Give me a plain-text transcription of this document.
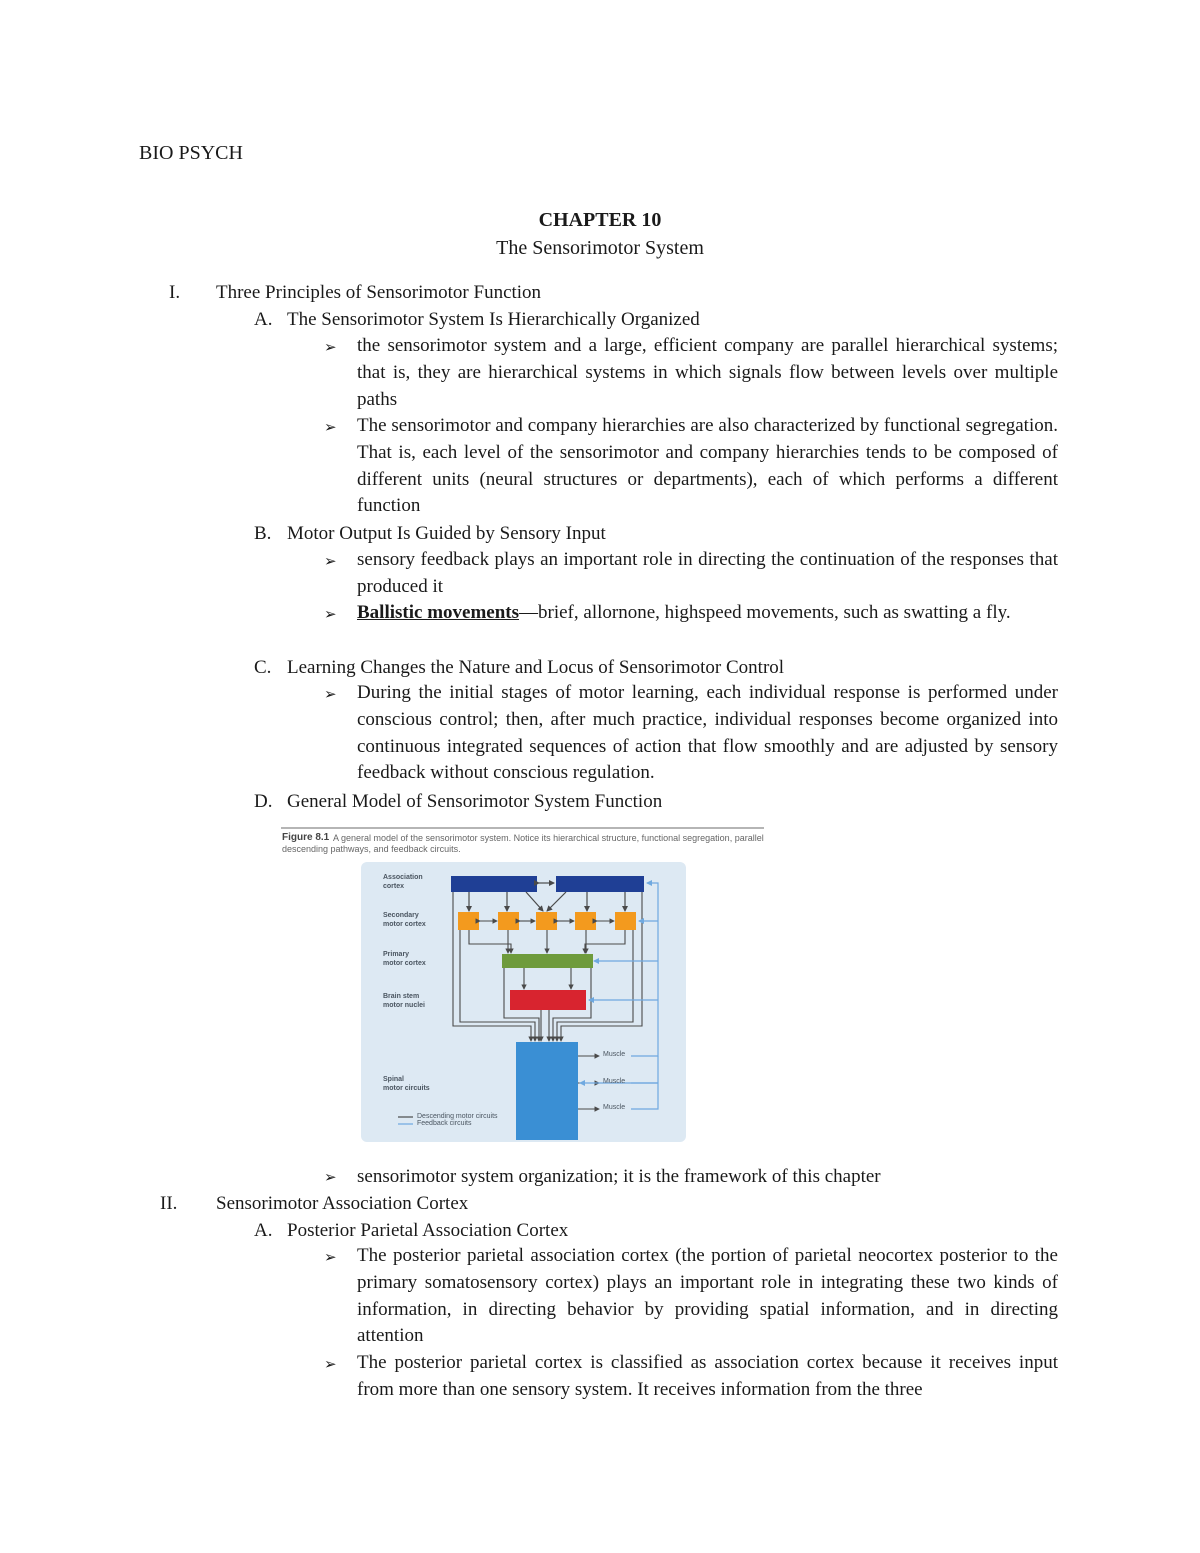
BIO PSYCH
CHAPTER 10
The Sensorimotor System
I. Three Principles of Sensorimotor Function
A. The Sensorimotor System Is Hierarchically Organized
➢ the sensorimotor system and a large, efficient company are parallel hierarchical systems; that is, they are hierarchical systems in which signals flow between levels over multiple paths
➢ The sensorimotor and company hierarchies are also characterized by functional segregation. That is, each level of the sensorimotor and company hierarchies tends to be composed of different units (neural structures or departments), each of which performs a different function
B. Motor Output Is Guided by Sensory Input
➢ sensory feedback plays an important role in directing the continuation of the responses that produced it
➢ Ballistic movements—brief, allornone, highspeed movements, such as swatting a fly.
C. Learning Changes the Nature and Locus of Sensorimotor Control
➢ During the initial stages of motor learning, each individual response is performed under conscious control; then, after much practice, individual responses become organized into continuous integrated sequences of action that flow smoothly and are adjusted by sensory feedback without conscious regulation.
D. General Model of Sensorimotor System Function
Figure 8.1 A general model of the sensorimotor system. Notice its hierarchical structure, functional segregation, parallel
descending pathways, and feedback circuits.
Association
cortex
Secondary
motor cortex
Primary
motor cortex
Brain stem
motor nuclei
Spinal
motor circuits
Muscle
Muscle
Muscle
Descending motor circuits
Feedback circuits
➢ sensorimotor system organization; it is the framework of this chapter
II. Sensorimotor Association Cortex
A. Posterior Parietal Association Cortex
➢ The posterior parietal association cortex (the portion of parietal neocortex posterior to the primary somatosensory cortex) plays an important role in integrating these two kinds of information, in directing behavior by providing spatial information, and in directing attention
➢ The posterior parietal cortex is classified as association cortex because it receives input from more than one sensory system. It receives information from the three
